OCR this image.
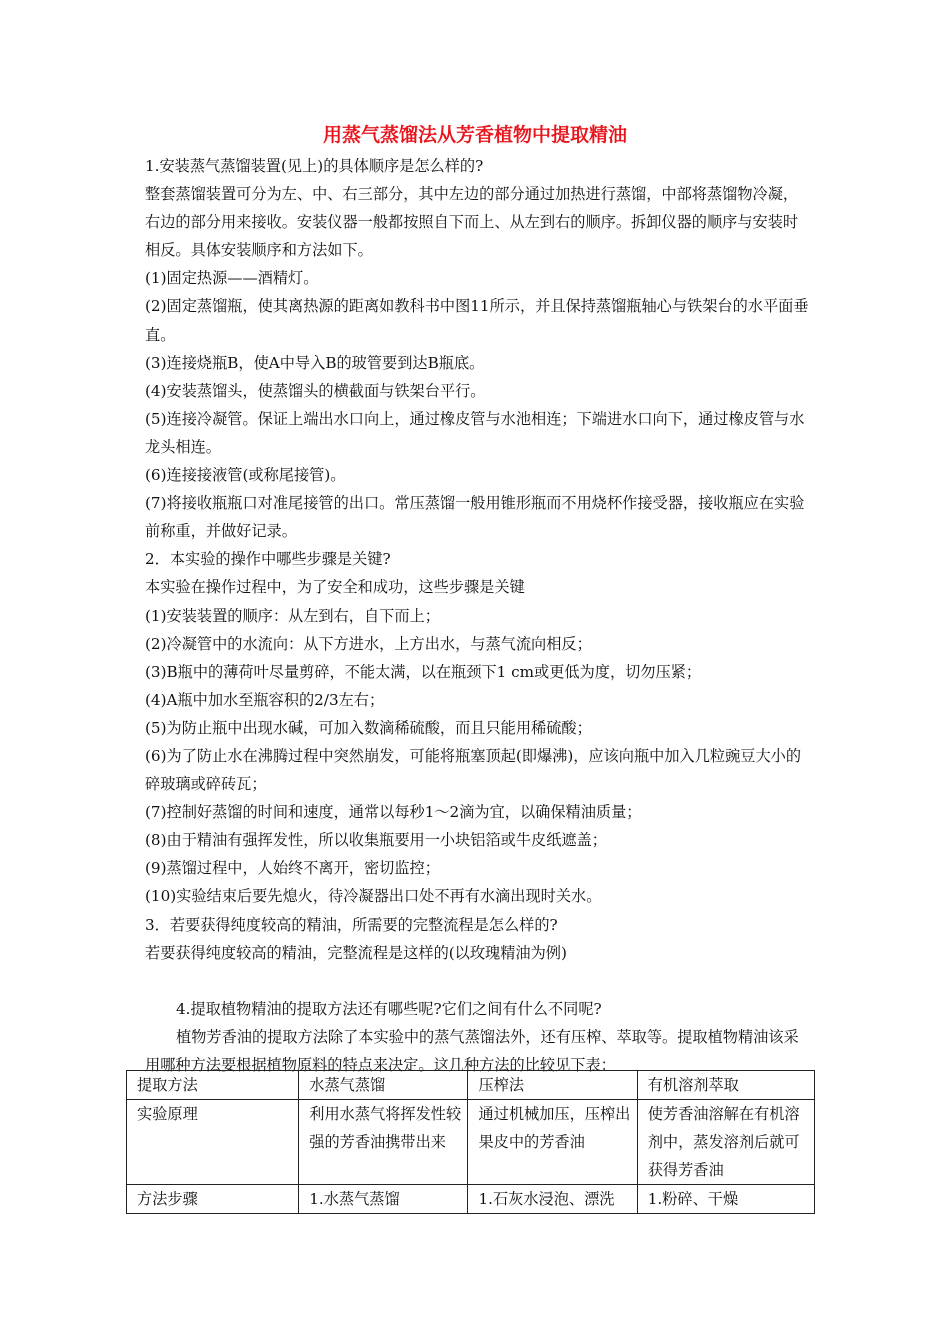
用蒸气蒸馏法从芳香植物中提取精油
1.安装蒸气蒸馏装置(见上)的具体顺序是怎么样的?
整套蒸馏装置可分为左、中、右三部分，其中左边的部分通过加热进行蒸馏，中部将蒸馏物冷凝，右边的部分用来接收。安装仪器一般都按照自下而上、从左到右的顺序。拆卸仪器的顺序与安装时相反。具体安装顺序和方法如下。
(1)固定热源——酒精灯。
(2)固定蒸馏瓶，使其离热源的距离如教科书中图11所示，并且保持蒸馏瓶轴心与铁架台的水平面垂直。
(3)连接烧瓶B，使A中导入B的玻管要到达B瓶底。
(4)安装蒸馏头，使蒸馏头的横截面与铁架台平行。
(5)连接冷凝管。保证上端出水口向上，通过橡皮管与水池相连；下端进水口向下，通过橡皮管与水龙头相连。
(6)连接接液管(或称尾接管)。
(7)将接收瓶瓶口对准尾接管的出口。常压蒸馏一般用锥形瓶而不用烧杯作接受器，接收瓶应在实验前称重，并做好记录。
2．本实验的操作中哪些步骤是关键?
本实验在操作过程中，为了安全和成功，这些步骤是关键
(1)安装装置的顺序：从左到右，自下而上；
(2)冷凝管中的水流向：从下方进水，上方出水，与蒸气流向相反；
(3)B瓶中的薄荷叶尽量剪碎，不能太满，以在瓶颈下1 cm或更低为度，切勿压紧；
(4)A瓶中加水至瓶容积的2/3左右；
(5)为防止瓶中出现水碱，可加入数滴稀硫酸，而且只能用稀硫酸；
(6)为了防止水在沸腾过程中突然崩发，可能将瓶塞顶起(即爆沸)，应该向瓶中加入几粒豌豆大小的碎玻璃或碎砖瓦；
(7)控制好蒸馏的时间和速度，通常以每秒1～2滴为宜，以确保精油质量；
(8)由于精油有强挥发性，所以收集瓶要用一小块铝箔或牛皮纸遮盖；
(9)蒸馏过程中，人始终不离开，密切监控；
(10)实验结束后要先熄火，待冷凝器出口处不再有水滴出现时关水。
3．若要获得纯度较高的精油，所需要的完整流程是怎么样的?
若要获得纯度较高的精油，完整流程是这样的(以玫瑰精油为例)
4.提取植物精油的提取方法还有哪些呢?它们之间有什么不同呢?
植物芳香油的提取方法除了本实验中的蒸气蒸馏法外，还有压榨、萃取等。提取植物精油该采用哪种方法要根据植物原料的特点来决定。这几种方法的比较见下表：
提取方法	水蒸气蒸馏	压榨法	有机溶剂萃取
实验原理	利用水蒸气将挥发性较强的芳香油携带出来	通过机械加压，压榨出果皮中的芳香油	使芳香油溶解在有机溶剂中，蒸发溶剂后就可获得芳香油
方法步骤	1.水蒸气蒸馏	1.石灰水浸泡、漂洗	1.粉碎、干燥
